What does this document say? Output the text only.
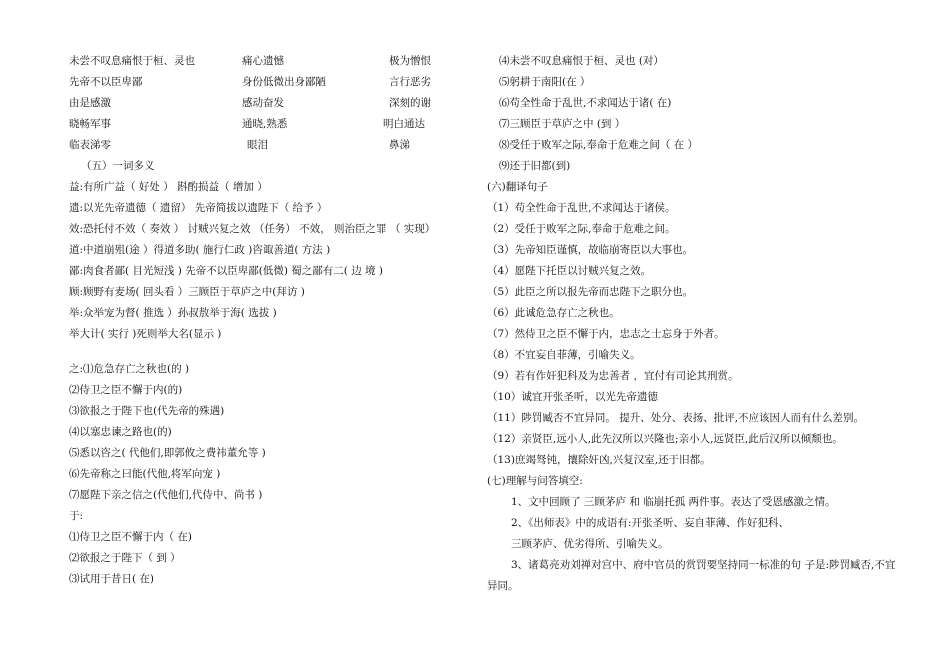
未尝不叹息痛恨于桓、灵也	痛心遗憾	极为憎恨
先帝不以臣卑鄙	身份低微出身鄙陋	言行恶劣
由是感激	感动奋发	深刻的谢
晓畅军事	通晓,熟悉	明白通达
临表涕零	眼泪	鼻涕
（五）一词多义
益:有所广益（ 好处 ） 斟酌损益（ 增加 ）
遗:以光先帝遗德（ 遗留） 先帝简拔以遗陛下（ 给予 ）
效:恐托付不效（ 奏效 ） 讨贼兴复之效 （任务） 不效， 则治臣之罪 （ 实现）
道:中道崩殂(途 ）得道多助( 施行仁政 )咨诹善道( 方法 )
鄙:肉食者鄙( 目光短浅 ) 先帝不以臣卑鄙(低微) 蜀之鄙有二( 边 境 )
顾:顾野有麦场( 回头看 ）三顾臣于草庐之中(拜访 )
举:众举宠为督( 推选 ）孙叔敖举于海( 选拔 )
举大计( 实行 )死则举大名(显示 )
之:⑴危急存亡之秋也(的 )
⑵侍卫之臣不懈于内(的)
⑶欲报之于陛下也(代先帝的殊遇)
⑷以塞忠谏之路也(的)
⑸悉以咨之( 代他们,即郭攸之费祎董允等 )
⑹先帝称之曰能(代他,将军向宠 )
⑺愿陛下亲之信之(代他们,代侍中、尚书 )
于:
⑴侍卫之臣不懈于内（ 在)
⑵欲报之于陛下（ 到 ）
⑶试用于昔日( 在)
⑷未尝不叹息痛恨于桓、灵也 (对）
⑸躬耕于南阳(在 ）
⑹苟全性命于乱世,不求闻达于诸( 在)
⑺三顾臣于草庐之中 (到 ）
⑻受任于败军之际,奉命于危难之间（ 在 ）
⑼还于旧都(到)
(六)翻译句子
（1）苟全性命于乱世,不求闻达于诸侯。
（2）受任于败军之际,奉命于危难之间。
（3）先帝知臣谨慎，故临崩寄臣以大事也。
（4）愿陛下托臣以讨贼兴复之效。
（5）此臣之所以报先帝而忠陛下之职分也。
（6）此诚危急存亡之秋也。
（7）然侍卫之臣不懈于内，忠志之士忘身于外者。
（8）不宜妄自菲薄，引喻失义。
（9）若有作奸犯科及为忠善者 ，宜付有司论其刑赏。
（10）诚宜开张圣听，以光先帝遗德
（11）陟罚臧否不宜异同。 提升、处分、表扬、批评,不应该因人而有什么差别。
（12）亲贤臣,远小人,此先汉所以兴隆也;亲小人,远贤臣,此后汉所以倾颓也。
（13)庶竭驽钝，攘除奸凶,兴复汉室,还于旧都。
(七)理解与问答填空:
1、文中回顾了 三顾茅庐 和 临崩托孤 两件事。表达了受恩感激之情。
2、《出师表》中的成语有:开张圣听、妄自菲薄、作好犯科、
三顾茅庐、优劣得所、引喻失义。
3、诸葛亮劝刘禅对宫中、府中官员的赏罚要坚持同一标准的句 子是:陟罚臧否,不宜
异同。
